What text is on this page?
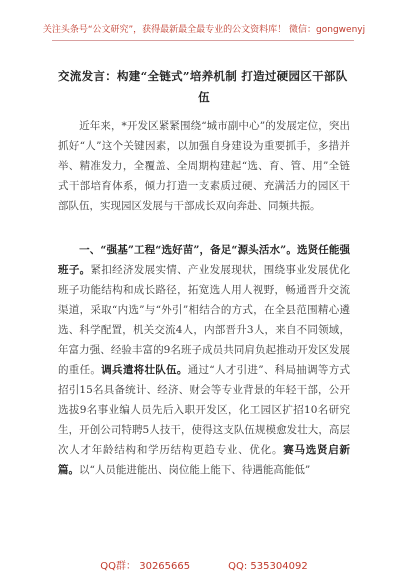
关注头条号“公文研究”，获得最新最全最专业的公文资料库！ 微信：gongwenyj
交流发言：构建“全链式”培养机制 打造过硬园区干部队
伍
近年来，*开发区紧紧围绕“城市副中心”的发展定位，突出抓好“人”这个关键因素，以加强自身建设为重要抓手，多措并举、精准发力，全覆盖、全周期构建起“选、育、管、用”全链式干部培育体系，倾力打造一支素质过硬、充满活力的园区干部队伍，实现园区发展与干部成长双向奔赴、同频共振。
一、“强基”工程“选好苗”，备足“源头活水”。选贤任能强班子。紧扣经济发展实情、产业发展现状，围绕事业发展优化班子功能结构和成长路径，拓宽选人用人视野，畅通晋升交流渠道，采取“内选”与“外引”相结合的方式，在全县范围精心遴选、科学配置，机关交流4人，内部晋升3人，来自不同领域，年富力强、经验丰富的9名班子成员共同肩负起推动开发区发展的重任。调兵遣将壮队伍。通过“人才引进”、科局抽调等方式招引15名具备统计、经济、财会等专业背景的年轻干部，公开选拔9名事业编人员先后入职开发区，化工园区扩招10名研究生，开创公司特聘5人技干，使得这支队伍规模愈发壮大，高层次人才年龄结构和学历结构更趋专业、优化。赛马选贤启新篇。以“人员能进能出、岗位能上能下、待遇能高能低”
QQ群： 30265665	QQ: 535304092
